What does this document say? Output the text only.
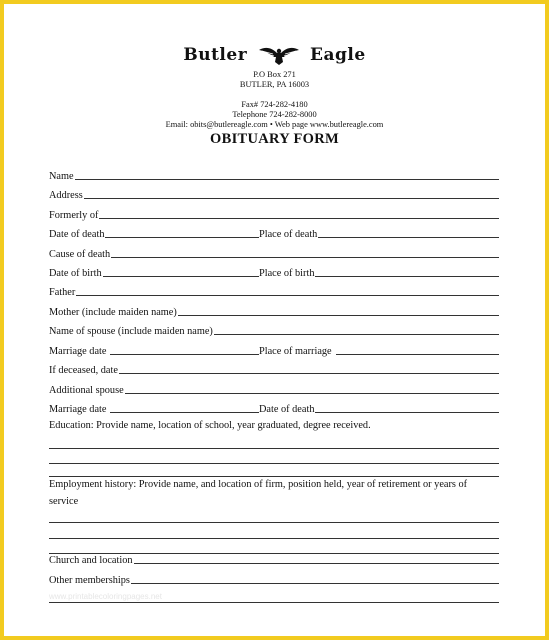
Butler	Eagle
P.O Box 271
BUTLER, PA 16003
Fax# 724-282-4180
Telephone 724-282-8000
Email: obits@butlereagle.com • Web page www.butlereagle.com
OBITUARY FORM
Name
Address
Formerly of
Date of death	Place of death
Cause of death
Date of birth	Place of birth
Father
Mother (include maiden name)
Name of spouse (include maiden name)
Marriage date	Place of marriage
If deceased, date
Additional spouse
Marriage date	Date of death
Education: Provide name, location of school, year graduated, degree received.
Employment history: Provide name, and location of firm, position held, year of retirement or years of service
Church and location
Other memberships
www.printablecoloringpages.net
